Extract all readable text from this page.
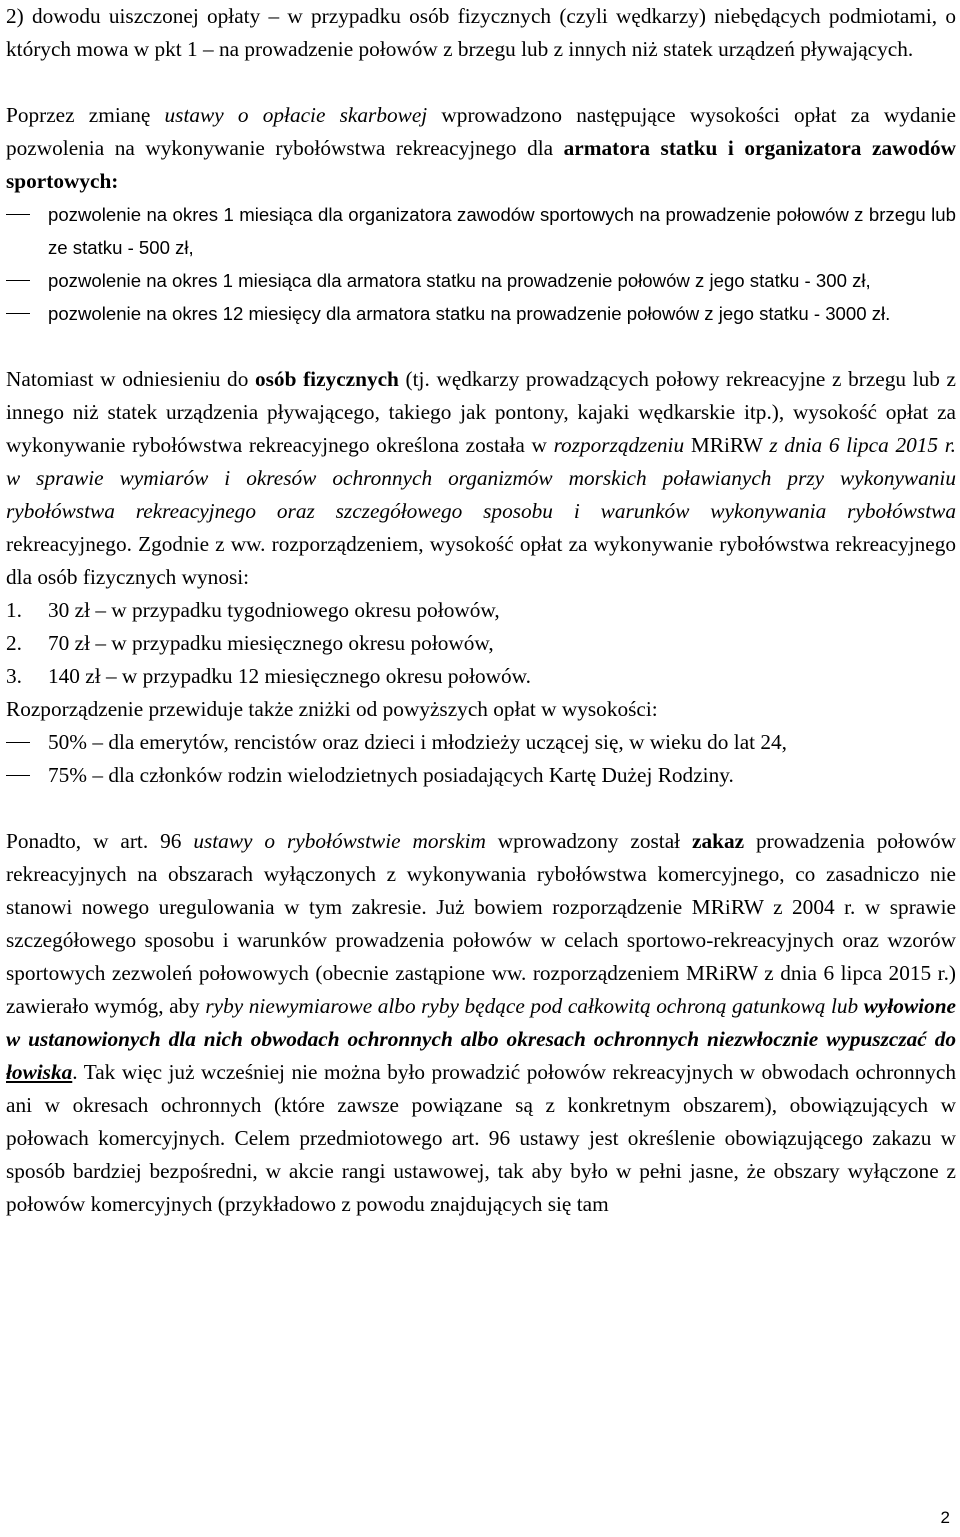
2) dowodu uiszczonej opłaty – w przypadku osób fizycznych (czyli wędkarzy) niebędących podmiotami, o których mowa w pkt 1 – na prowadzenie połowów z brzegu lub z innych niż statek urządzeń pływających.

Poprzez zmianę ustawy o opłacie skarbowej wprowadzono następujące wysokości opłat za wydanie pozwolenia na wykonywanie rybołówstwa rekreacyjnego dla armatora statku i organizatora zawodów sportowych:

pozwolenie na okres 1 miesiąca dla organizatora zawodów sportowych na prowadzenie połowów z brzegu lub ze statku - 500 zł,

pozwolenie na okres 1 miesiąca dla armatora statku na prowadzenie połowów z jego statku - 300 zł,

pozwolenie na okres 12 miesięcy dla armatora statku na prowadzenie połowów z jego statku - 3000 zł.

Natomiast w odniesieniu do osób fizycznych (tj. wędkarzy prowadzących połowy rekreacyjne z brzegu lub z innego niż statek urządzenia pływającego, takiego jak pontony, kajaki wędkarskie itp.), wysokość opłat za wykonywanie rybołówstwa rekreacyjnego określona została w rozporządzeniu MRiRW z dnia 6 lipca 2015 r. w sprawie wymiarów i okresów ochronnych organizmów morskich poławianych przy wykonywaniu rybołówstwa rekreacyjnego oraz szczegółowego sposobu i warunków wykonywania rybołówstwa rekreacyjnego. Zgodnie z ww. rozporządzeniem, wysokość opłat za wykonywanie rybołówstwa rekreacyjnego dla osób fizycznych wynosi:

1. 30 zł – w przypadku tygodniowego okresu połowów,

2. 70 zł – w przypadku miesięcznego okresu połowów,

3. 140 zł – w przypadku 12 miesięcznego okresu połowów.

Rozporządzenie przewiduje także zniżki od powyższych opłat w wysokości:

50% – dla emerytów, rencistów oraz dzieci i młodzieży uczącej się, w wieku do lat 24,

75% – dla członków rodzin wielodzietnych posiadających Kartę Dużej Rodziny.

Ponadto, w art. 96 ustawy o rybołówstwie morskim wprowadzony został zakaz prowadzenia połowów rekreacyjnych na obszarach wyłączonych z wykonywania rybołówstwa komercyjnego, co zasadniczo nie stanowi nowego uregulowania w tym zakresie. Już bowiem rozporządzenie MRiRW z 2004 r. w sprawie szczegółowego sposobu i warunków prowadzenia połowów w celach sportowo-rekreacyjnych oraz wzorów sportowych zezwoleń połowowych (obecnie zastąpione ww. rozporządzeniem MRiRW z dnia 6 lipca 2015 r.) zawierało wymóg, aby ryby niewymiarowe albo ryby będące pod całkowitą ochroną gatunkową lub wyłowione w ustanowionych dla nich obwodach ochronnych albo okresach ochronnych niezwłocznie wypuszczać do łowiska. Tak więc już wcześniej nie można było prowadzić połowów rekreacyjnych w obwodach ochronnych ani w okresach ochronnych (które zawsze powiązane są z konkretnym obszarem), obowiązujących w połowach komercyjnych. Celem przedmiotowego art. 96 ustawy jest określenie obowiązującego zakazu w sposób bardziej bezpośredni, w akcie rangi ustawowej, tak aby było w pełni jasne, że obszary wyłączone z połowów komercyjnych (przykładowo z powodu znajdujących się tam

2
